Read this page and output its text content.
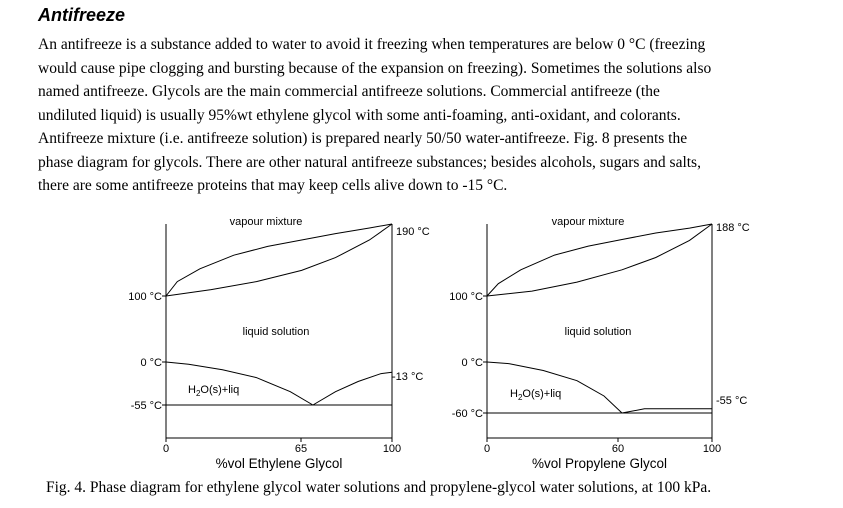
Antifreeze

An antifreeze is a substance added to water to avoid it freezing when temperatures are below 0 °C (freezing
would cause pipe clogging and bursting because of the expansion on freezing). Sometimes the solutions also
named antifreeze. Glycols are the main commercial antifreeze solutions. Commercial antifreeze (the
undiluted liquid) is usually 95%wt ethylene glycol with some anti-foaming, anti-oxidant, and colorants.
Antifreeze mixture (i.e. antifreeze solution) is prepared nearly 50/50 water-antifreeze. Fig. 8 presents the
phase diagram for glycols. There are other natural antifreeze substances; besides alcohols, sugars and salts,
there are some antifreeze proteins that may keep cells alive down to -15 °C.

100 °C
0 °C
-55 °C
0	65	100
%vol Ethylene Glycol
vapour mixture
liquid solution
$H_2O(s)+liq$
190 °C
-13 °C
100 °C
0 °C
-60 °C
0	60	100
%vol Propylene Glycol
vapour mixture
liquid solution
$H_2O(s)+liq$
188 °C
-55 °C

Fig. 4. Phase diagram for ethylene glycol water solutions and propylene-glycol water solutions, at 100 kPa.
